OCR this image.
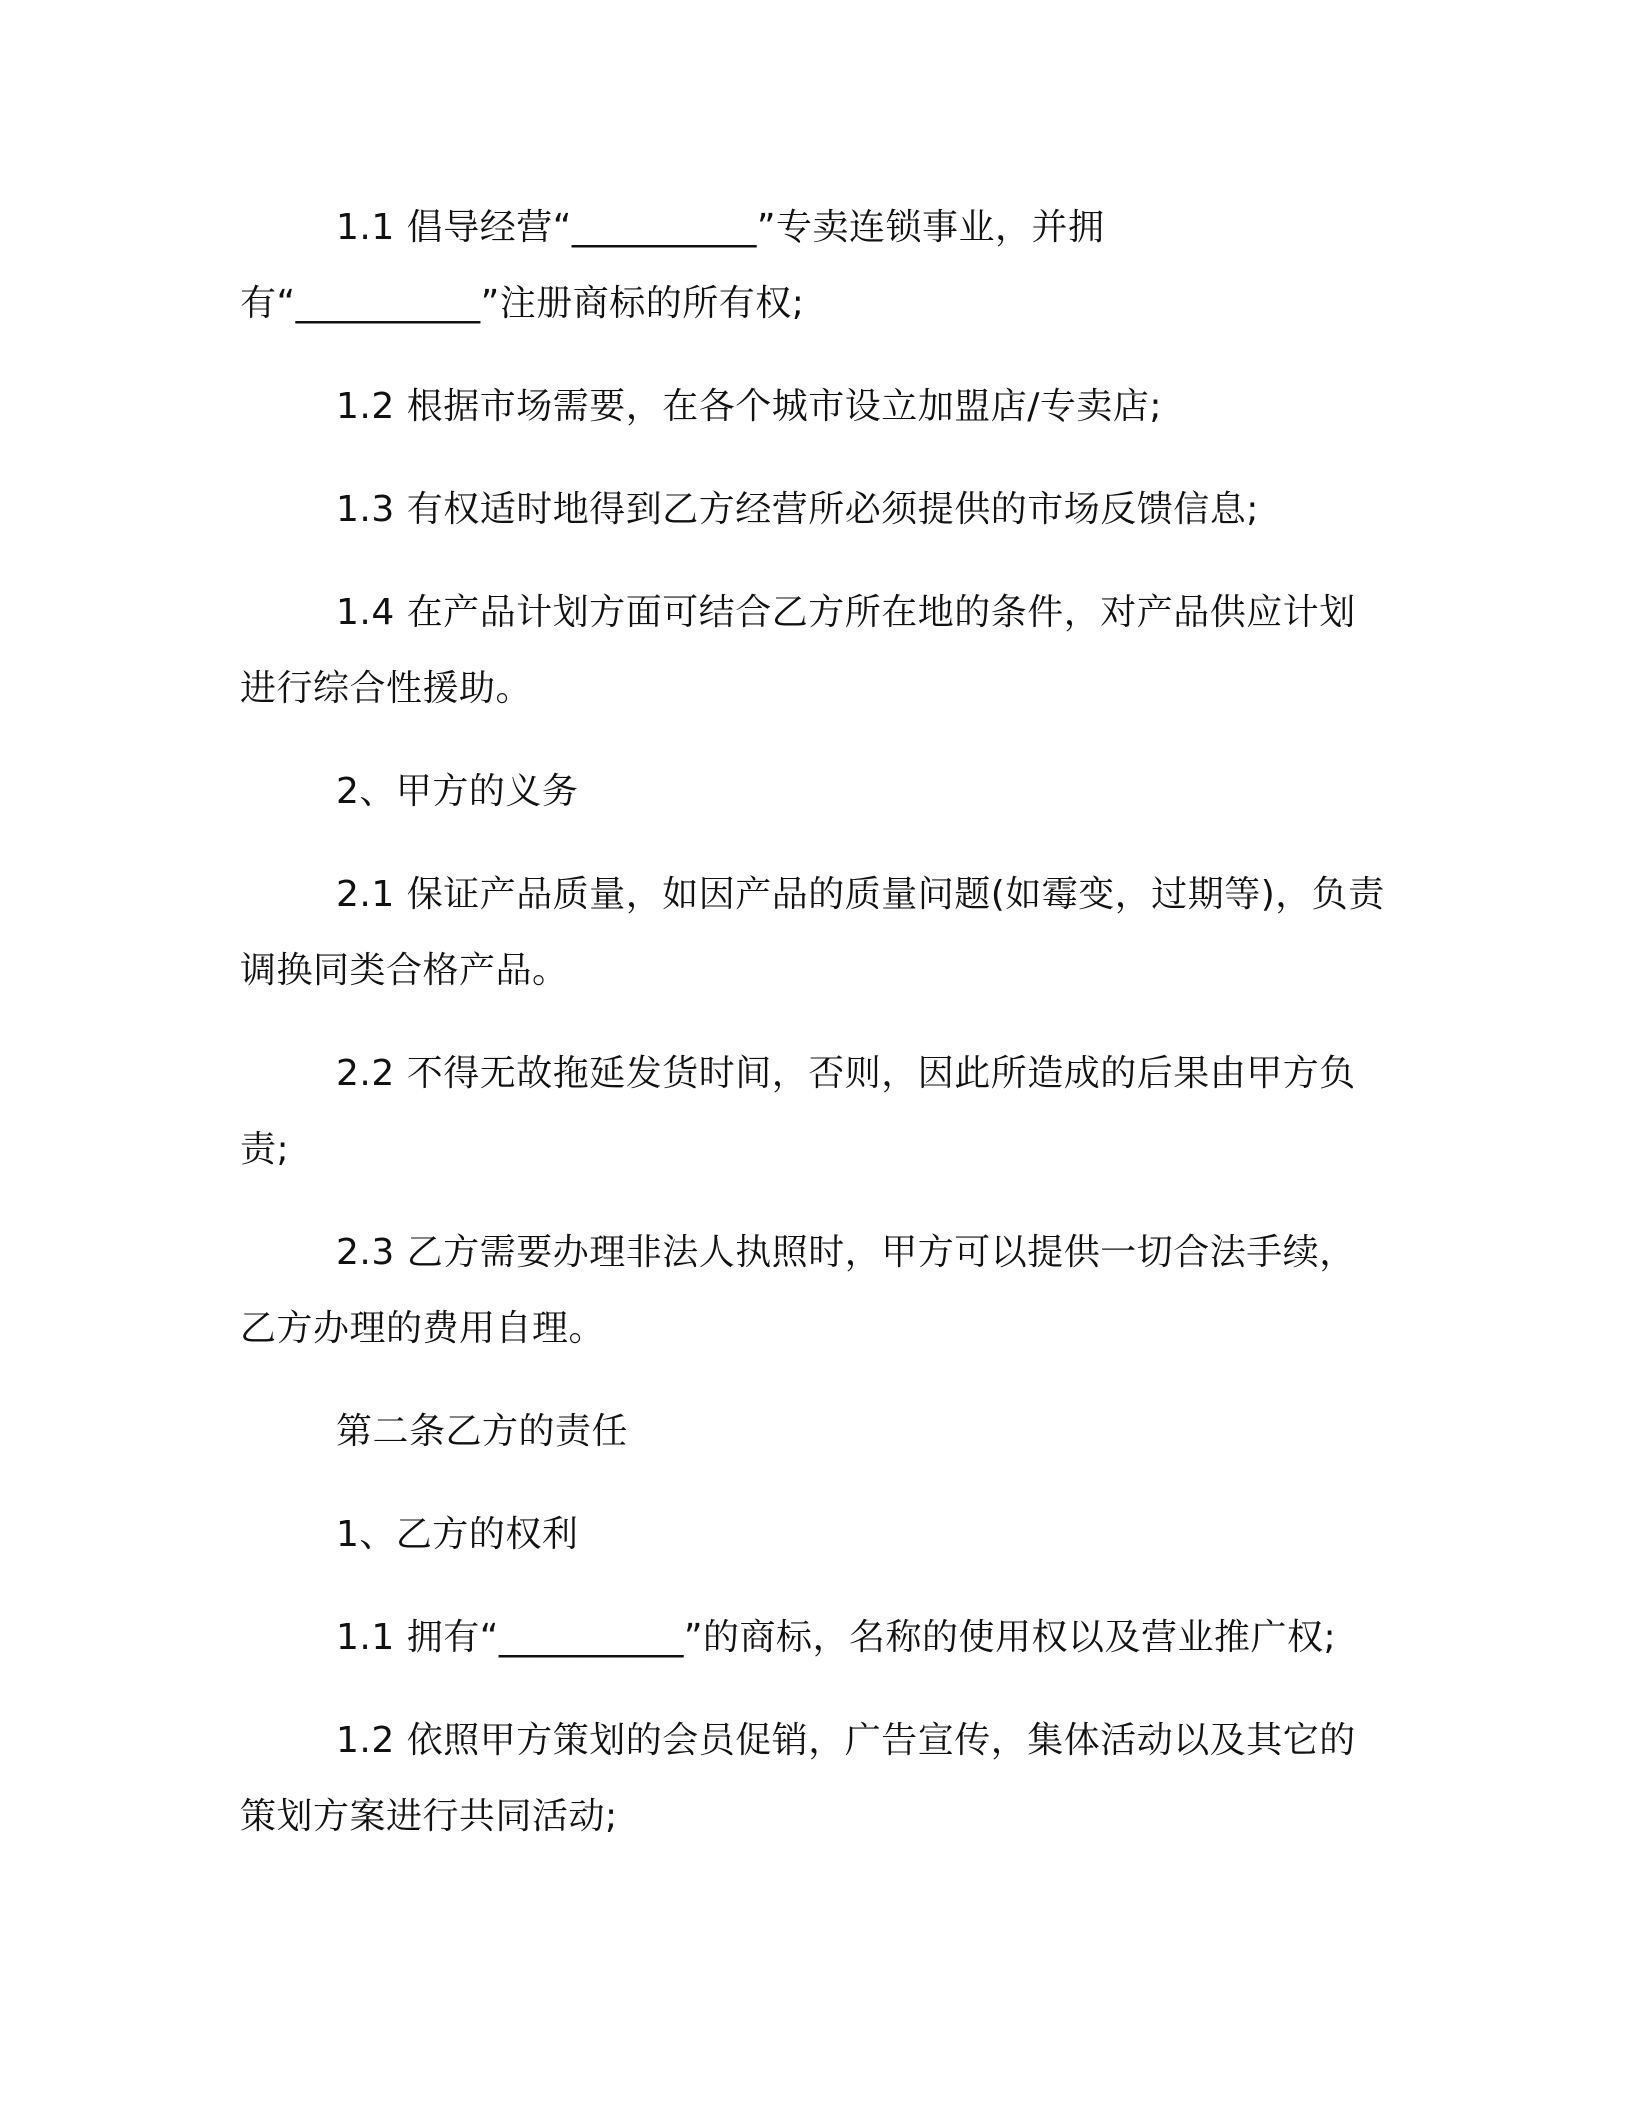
1.1 倡导经营“__________”专卖连锁事业，并拥有“__________”注册商标的所有权;

1.2 根据市场需要，在各个城市设立加盟店/专卖店;

1.3 有权适时地得到乙方经营所必须提供的市场反馈信息;

1.4 在产品计划方面可结合乙方所在地的条件，对产品供应计划进行综合性援助。

2、甲方的义务

2.1 保证产品质量，如因产品的质量问题(如霉变，过期等)，负责调换同类合格产品。

2.2 不得无故拖延发货时间，否则，因此所造成的后果由甲方负责;

2.3 乙方需要办理非法人执照时，甲方可以提供一切合法手续，乙方办理的费用自理。

第二条乙方的责任

1、乙方的权利

1.1 拥有“__________”的商标，名称的使用权以及营业推广权;

1.2 依照甲方策划的会员促销，广告宣传，集体活动以及其它的策划方案进行共同活动;
